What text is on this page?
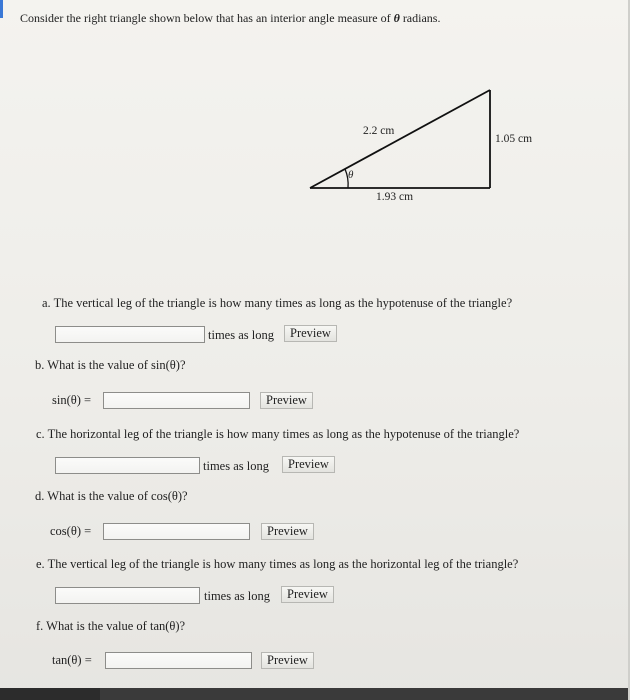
Consider the right triangle shown below that has an interior angle measure of θ radians.
θ
2.2 cm
1.05 cm
1.93 cm
a. The vertical leg of the triangle is how many times as long as the hypotenuse of the triangle?
times as long	Preview
b. What is the value of sin(θ)?
sin(θ) =	Preview
c. The horizontal leg of the triangle is how many times as long as the hypotenuse of the triangle?
times as long	Preview
d. What is the value of cos(θ)?
cos(θ) =	Preview
e. The vertical leg of the triangle is how many times as long as the horizontal leg of the triangle?
times as long	Preview
f. What is the value of tan(θ)?
tan(θ) =	Preview
